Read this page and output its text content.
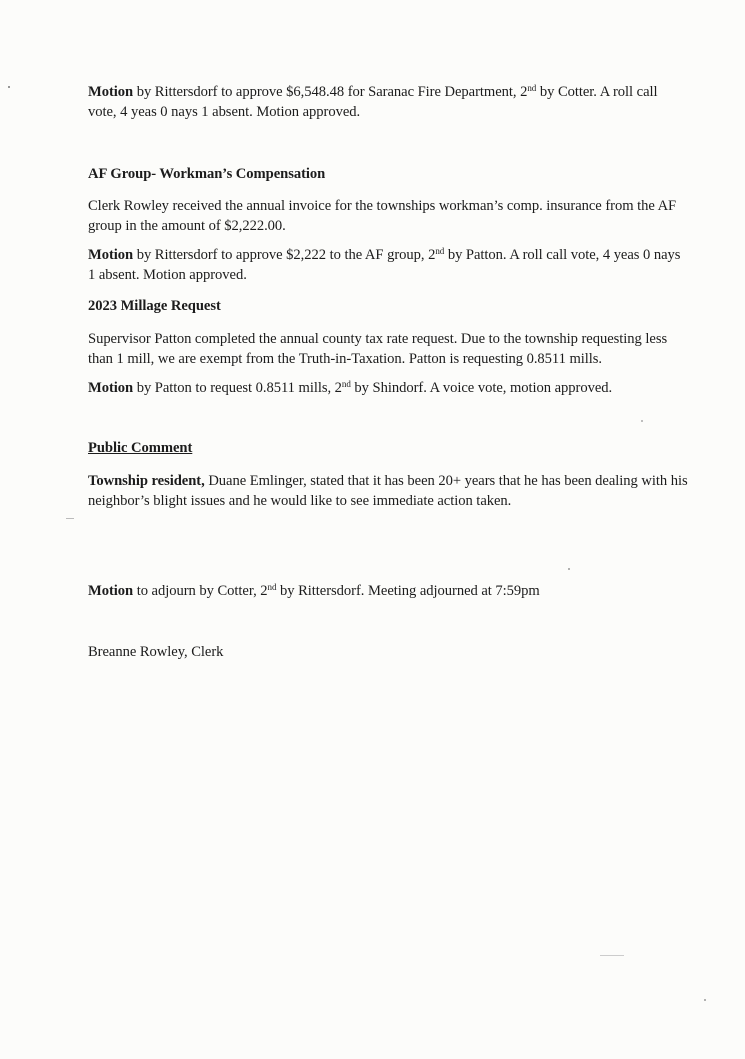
Motion by Rittersdorf to approve $6,548.48 for Saranac Fire Department, 2nd by Cotter. A roll call vote, 4 yeas 0 nays 1 absent. Motion approved.

AF Group- Workman’s Compensation

Clerk Rowley received the annual invoice for the townships workman’s comp. insurance from the AF group in the amount of $2,222.00.

Motion by Rittersdorf to approve $2,222 to the AF group, 2nd by Patton. A roll call vote, 4 yeas 0 nays 1 absent. Motion approved.

2023 Millage Request

Supervisor Patton completed the annual county tax rate request. Due to the township requesting less than 1 mill, we are exempt from the Truth-in-Taxation. Patton is requesting 0.8511 mills.

Motion by Patton to request 0.8511 mills, 2nd by Shindorf. A voice vote, motion approved.

Public Comment

Township resident, Duane Emlinger, stated that it has been 20+ years that he has been dealing with his neighbor’s blight issues and he would like to see immediate action taken.

Motion to adjourn by Cotter, 2nd by Rittersdorf. Meeting adjourned at 7:59pm

Breanne Rowley, Clerk
